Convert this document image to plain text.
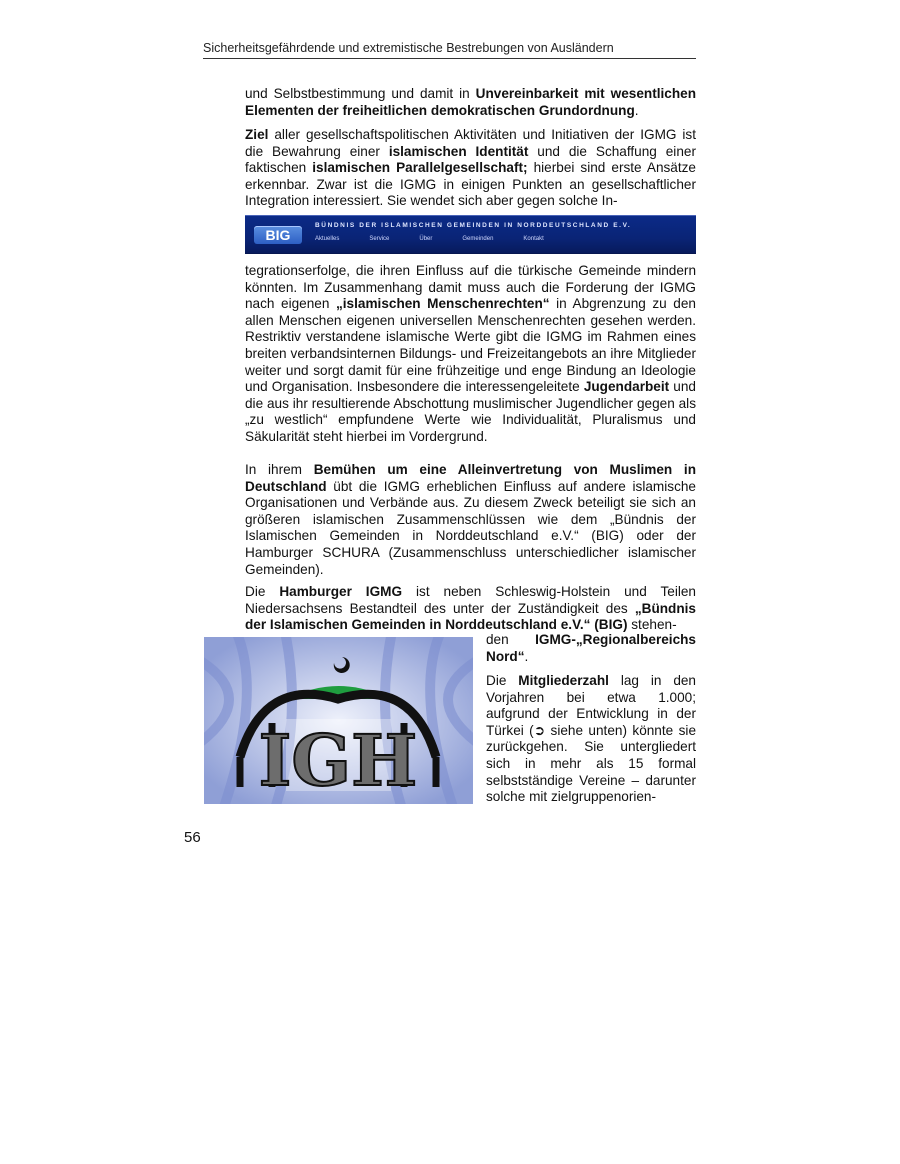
Sicherheitsgefährdende und extremistische Bestrebungen von Ausländern

und Selbstbestimmung und damit in Unvereinbarkeit mit wesentlichen Elementen der freiheitlichen demokratischen Grundordnung.

Ziel aller gesellschaftspolitischen Aktivitäten und Initiativen der IGMG ist die Bewahrung einer islamischen Identität und die Schaffung einer faktischen islamischen Parallelgesellschaft; hierbei sind erste Ansätze erkennbar. Zwar ist die IGMG in einigen Punkten an gesellschaftlicher Integration interessiert. Sie wendet sich aber gegen solche In-

BIG
BÜNDNIS DER ISLAMISCHEN GEMEINDEN IN NORDDEUTSCHLAND E.V.
Aktuelles	Service	Über	Gemeinden	Kontakt

tegrationserfolge, die ihren Einfluss auf die türkische Gemeinde mindern könnten. Im Zusammenhang damit muss auch die Forderung der IGMG nach eigenen „islamischen Menschenrechten“ in Abgrenzung zu den allen Menschen eigenen universellen Menschenrechten gesehen werden. Restriktiv verstandene islamische Werte gibt die IGMG im Rahmen eines breiten verbandsinternen Bildungs- und Freizeitangebots an ihre Mitglieder weiter und sorgt damit für eine frühzeitige und enge Bindung an Ideologie und Organisation. Insbesondere die interessengeleitete Jugendarbeit und die aus ihr resultierende Abschottung muslimischer Jugendlicher gegen als „zu westlich“ empfundene Werte wie Individualität, Pluralismus und Säkularität steht hierbei im Vordergrund.

In ihrem Bemühen um eine Alleinvertretung von Muslimen in Deutschland übt die IGMG erheblichen Einfluss auf andere islamische Organisationen und Verbände aus. Zu diesem Zweck beteiligt sie sich an größeren islamischen Zusammenschlüssen wie dem „Bündnis der Islamischen Gemeinden in Norddeutschland e.V.“ (BIG) oder der Hamburger SCHURA (Zusammenschluss unterschiedlicher islamischer Gemeinden).

Die Hamburger IGMG ist neben Schleswig-Holstein und Teilen Niedersachsens Bestandteil des unter der Zuständigkeit des „Bündnis der Islamischen Gemeinden in Norddeutschland e.V.“ (BIG) stehen-

IGH

den IGMG-„Regionalbereichs Nord“.

Die Mitgliederzahl lag in den Vorjahren bei etwa 1.000; aufgrund der Entwicklung in der Türkei (➲ siehe unten) könnte sie zurückgehen. Sie untergliedert sich in mehr als 15 formal selbstständige Vereine – darunter solche mit zielgruppenorien-

56
